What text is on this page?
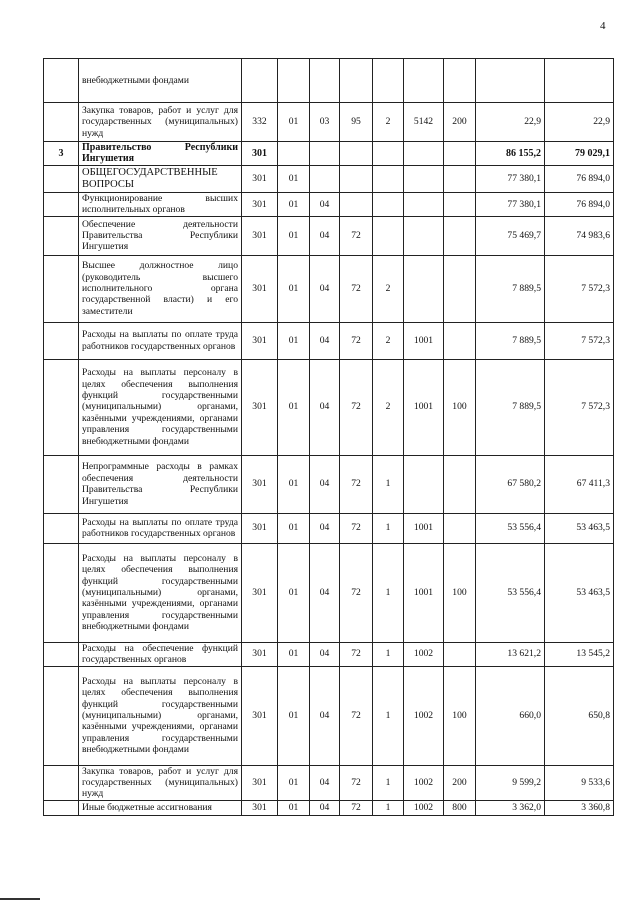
4
	внебюджетными фондами									
	Закупка товаров, работ и услуг для государственных (муниципальных) нужд	332	01	03	95	2	5142	200	22,9	22,9
3	Правительство Республики Ингушетия	301							86 155,2	79 029,1
	ОБЩЕГОСУДАРСТВЕННЫЕ ВОПРОСЫ	301	01						77 380,1	76 894,0
	Функционирование высших исполнительных органов	301	01	04					77 380,1	76 894,0
	Обеспечение деятельности Правительства Республики Ингушетия	301	01	04	72				75 469,7	74 983,6
	Высшее должностное лицо (руководитель высшего исполнительного органа государственной власти) и его заместители	301	01	04	72	2			7 889,5	7 572,3
	Расходы на выплаты по оплате труда работников государственных органов	301	01	04	72	2	1001		7 889,5	7 572,3
	Расходы на выплаты персоналу в целях обеспечения выполнения функций государственными (муниципальными) органами, казёнными учреждениями, органами управления государственными внебюджетными фондами	301	01	04	72	2	1001	100	7 889,5	7 572,3
	Непрограммные расходы в рамках обеспечения деятельности Правительства Республики Ингушетия	301	01	04	72	1			67 580,2	67 411,3
	Расходы на выплаты по оплате труда работников государственных органов	301	01	04	72	1	1001		53 556,4	53 463,5
	Расходы на выплаты персоналу в целях обеспечения выполнения функций государственными (муниципальными) органами, казёнными учреждениями, органами управления государственными внебюджетными фондами	301	01	04	72	1	1001	100	53 556,4	53 463,5
	Расходы на обеспечение функций государственных органов	301	01	04	72	1	1002		13 621,2	13 545,2
	Расходы на выплаты персоналу в целях обеспечения выполнения функций государственными (муниципальными) органами, казёнными учреждениями, органами управления государственными внебюджетными фондами	301	01	04	72	1	1002	100	660,0	650,8
	Закупка товаров, работ и услуг для государственных (муниципальных) нужд	301	01	04	72	1	1002	200	9 599,2	9 533,6
	Иные бюджетные ассигнования	301	01	04	72	1	1002	800	3 362,0	3 360,8
